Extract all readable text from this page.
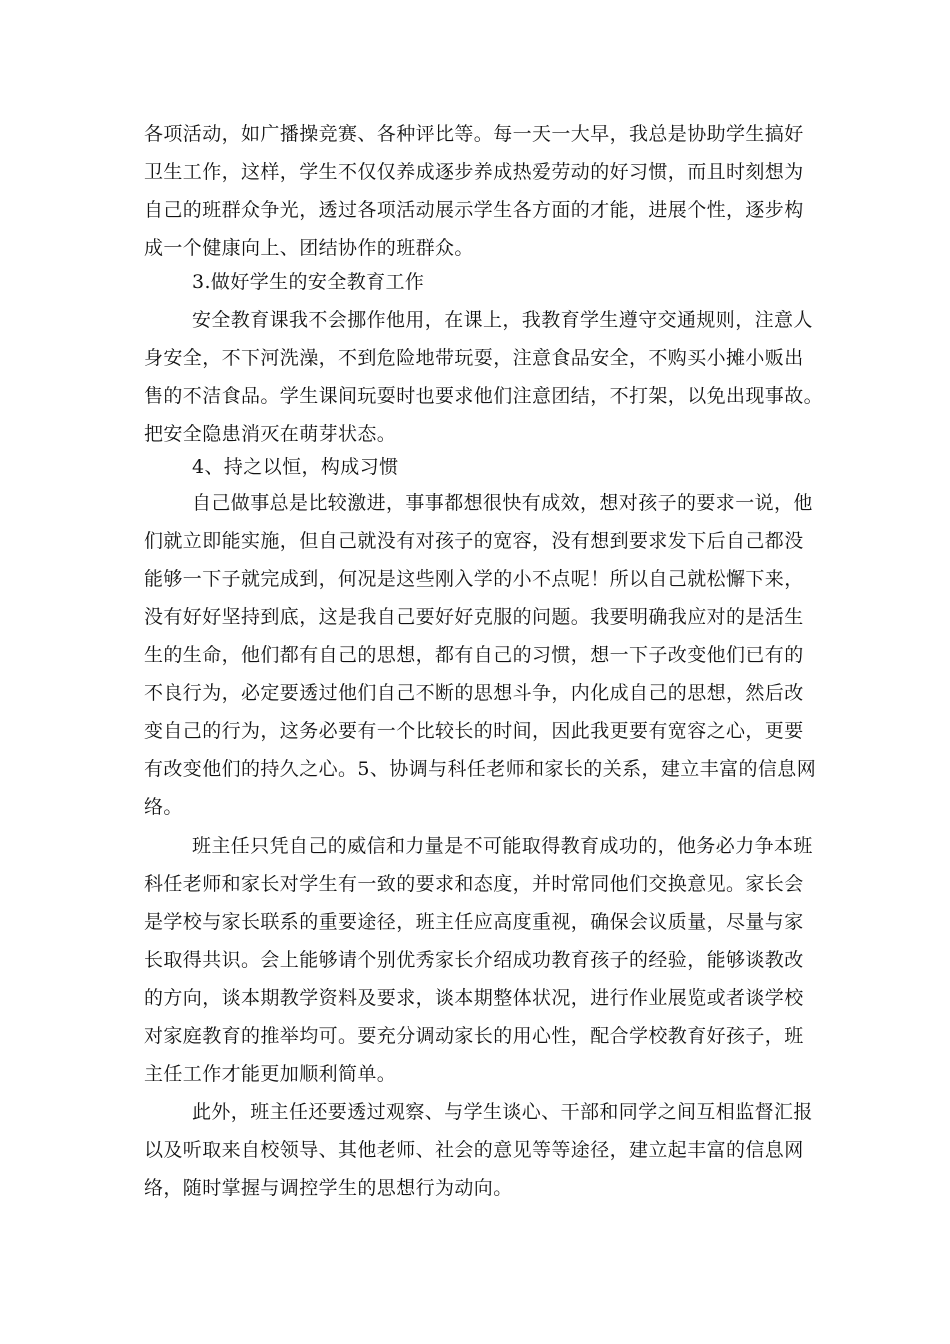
各项活动，如广播操竞赛、各种评比等。每一天一大早，我总是协助学生搞好
卫生工作，这样，学生不仅仅养成逐步养成热爱劳动的好习惯，而且时刻想为
自己的班群众争光，透过各项活动展示学生各方面的才能，进展个性，逐步构
成一个健康向上、团结协作的班群众。
3.做好学生的安全教育工作
安全教育课我不会挪作他用，在课上，我教育学生遵守交通规则，注意人
身安全，不下河洗澡，不到危险地带玩耍，注意食品安全，不购买小摊小贩出
售的不洁食品。学生课间玩耍时也要求他们注意团结，不打架，以免出现事故。
把安全隐患消灭在萌芽状态。
4、持之以恒，构成习惯
自己做事总是比较激进，事事都想很快有成效，想对孩子的要求一说，他
们就立即能实施，但自己就没有对孩子的宽容，没有想到要求发下后自己都没
能够一下子就完成到，何况是这些刚入学的小不点呢！所以自己就松懈下来，
没有好好坚持到底，这是我自己要好好克服的问题。我要明确我应对的是活生
生的生命，他们都有自己的思想，都有自己的习惯，想一下子改变他们已有的
不良行为，必定要透过他们自己不断的思想斗争，内化成自己的思想，然后改
变自己的行为，这务必要有一个比较长的时间，因此我更要有宽容之心，更要
有改变他们的持久之心。5、协调与科任老师和家长的关系，建立丰富的信息网
络。
班主任只凭自己的威信和力量是不可能取得教育成功的，他务必力争本班
科任老师和家长对学生有一致的要求和态度，并时常同他们交换意见。家长会
是学校与家长联系的重要途径，班主任应高度重视，确保会议质量，尽量与家
长取得共识。会上能够请个别优秀家长介绍成功教育孩子的经验，能够谈教改
的方向，谈本期教学资料及要求，谈本期整体状况，进行作业展览或者谈学校
对家庭教育的推举均可。要充分调动家长的用心性，配合学校教育好孩子，班
主任工作才能更加顺利简单。
此外，班主任还要透过观察、与学生谈心、干部和同学之间互相监督汇报
以及听取来自校领导、其他老师、社会的意见等等途径，建立起丰富的信息网
络，随时掌握与调控学生的思想行为动向。
